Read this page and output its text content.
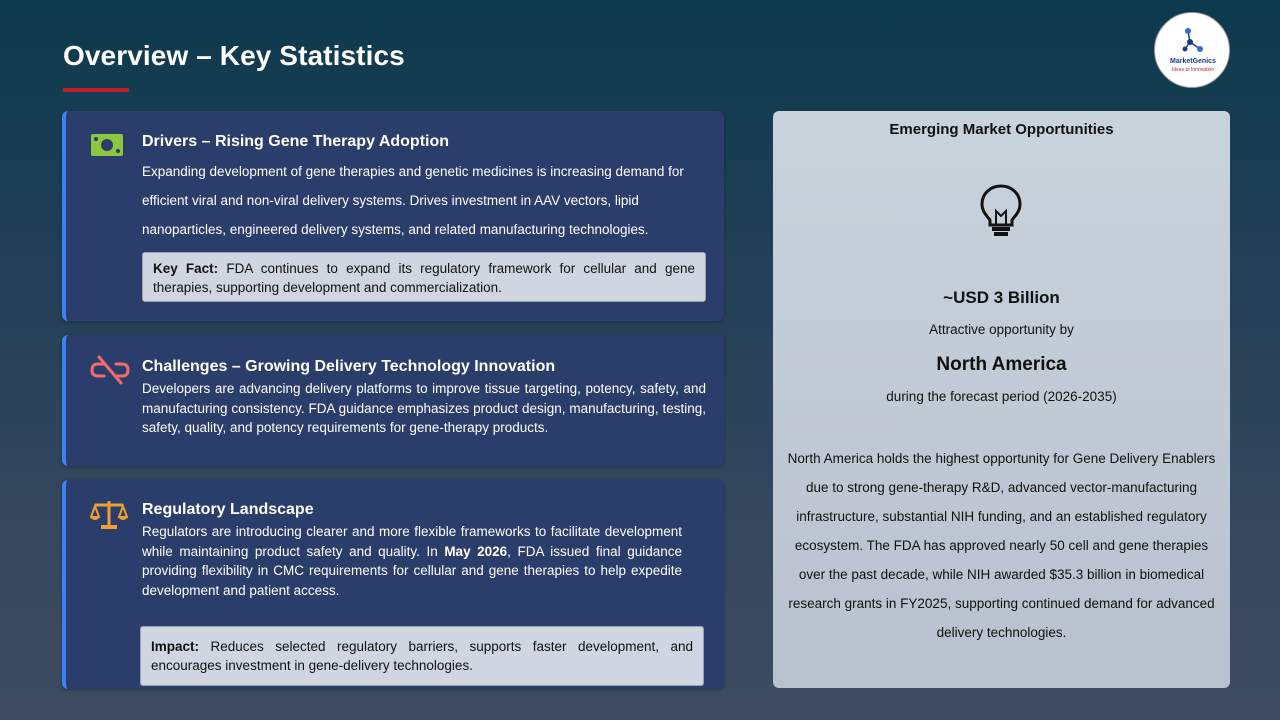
Overview – Key Statistics	MarketGenics
Ideas to Innovation
Drivers – Rising Gene Therapy Adoption

Expanding development of gene therapies and genetic medicines is increasing demand for efficient viral and non-viral delivery systems. Drives investment in AAV vectors, lipid nanoparticles, engineered delivery systems, and related manufacturing technologies.

Key Fact: FDA continues to expand its regulatory framework for cellular and gene therapies, supporting development and commercialization.
Challenges – Growing Delivery Technology Innovation

Developers are advancing delivery platforms to improve tissue targeting, potency, safety, and manufacturing consistency. FDA guidance emphasizes product design, manufacturing, testing, safety, quality, and potency requirements for gene-therapy products.

Regulatory Landscape

Regulators are introducing clearer and more flexible frameworks to facilitate development while maintaining product safety and quality. In May 2026, FDA issued final guidance providing flexibility in CMC requirements for cellular and gene therapies to help expedite development and patient access.

Impact: Reduces selected regulatory barriers, supports faster development, and encourages investment in gene-delivery technologies.
Emerging Market Opportunities
~USD 3 Billion
Attractive opportunity by
North America
during the forecast period (2026-2035)
North America holds the highest opportunity for Gene Delivery Enablers due to strong gene-therapy R&D, advanced vector-manufacturing infrastructure, substantial NIH funding, and an established regulatory ecosystem. The FDA has approved nearly 50 cell and gene therapies over the past decade, while NIH awarded $35.3 billion in biomedical research grants in FY2025, supporting continued demand for advanced delivery technologies.
